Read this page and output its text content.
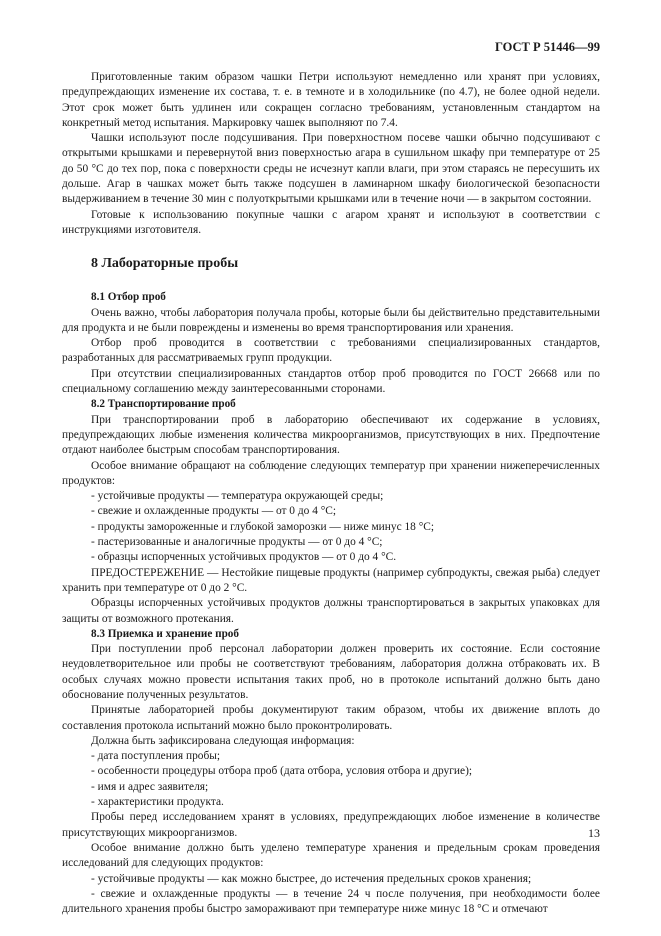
ГОСТ Р 51446—99

Приготовленные таким образом чашки Петри используют немедленно или хранят при условиях, предупреждающих изменение их состава, т. е. в темноте и в холодильнике (по 4.7), не более одной недели. Этот срок может быть удлинен или сокращен согласно требованиям, установленным стандартом на конкретный метод испытания. Маркировку чашек выполняют по 7.4.

Чашки используют после подсушивания. При поверхностном посеве чашки обычно подсушивают с открытыми крышками и перевернутой вниз поверхностью агара в сушильном шкафу при температуре от 25 до 50 °С до тех пор, пока с поверхности среды не исчезнут капли влаги, при этом стараясь не пересушить их дольше. Агар в чашках может быть также подсушен в ламинарном шкафу биологической безопасности выдерживанием в течение 30 мин с полуоткрытыми крышками или в течение ночи — в закрытом состоянии.

Готовые к использованию покупные чашки с агаром хранят и используют в соответствии с инструкциями изготовителя.

8 Лабораторные пробы
8.1 Отбор проб

Очень важно, чтобы лаборатория получала пробы, которые были бы действительно представительными для продукта и не были повреждены и изменены во время транспортирования или хранения.

Отбор проб проводится в соответствии с требованиями специализированных стандартов, разработанных для рассматриваемых групп продукции.

При отсутствии специализированных стандартов отбор проб проводится по ГОСТ 26668 или по специальному соглашению между заинтересованными сторонами.

8.2 Транспортирование проб

При транспортировании проб в лабораторию обеспечивают их содержание в условиях, предупреждающих любые изменения количества микроорганизмов, присутствующих в них. Предпочтение отдают наиболее быстрым способам транспортирования.

Особое внимание обращают на соблюдение следующих температур при хранении нижеперечисленных продуктов:

- устойчивые продукты — температура окружающей среды;

- свежие и охлажденные продукты — от 0 до 4 °С;

- продукты замороженные и глубокой заморозки — ниже минус 18 °С;

- пастеризованные и аналогичные продукты — от 0 до 4 °С;

- образцы испорченных устойчивых продуктов — от 0 до 4 °С.

ПРЕДОСТЕРЕЖЕНИЕ — Нестойкие пищевые продукты (например субпродукты, свежая рыба) следует хранить при температуре от 0 до 2 °С.

Образцы испорченных устойчивых продуктов должны транспортироваться в закрытых упаковках для защиты от возможного протекания.

8.3 Приемка и хранение проб

При поступлении проб персонал лаборатории должен проверить их состояние. Если состояние неудовлетворительное или пробы не соответствуют требованиям, лаборатория должна отбраковать их. В особых случаях можно провести испытания таких проб, но в протоколе испытаний должно быть дано обоснование полученных результатов.

Принятые лабораторией пробы документируют таким образом, чтобы их движение вплоть до составления протокола испытаний можно было проконтролировать.

Должна быть зафиксирована следующая информация:

- дата поступления пробы;

- особенности процедуры отбора проб (дата отбора, условия отбора и другие);

- имя и адрес заявителя;

- характеристики продукта.

Пробы перед исследованием хранят в условиях, предупреждающих любое изменение в количестве присутствующих микроорганизмов.

Особое внимание должно быть уделено температуре хранения и предельным срокам проведения исследований для следующих продуктов:

- устойчивые продукты — как можно быстрее, до истечения предельных сроков хранения;

- свежие и охлажденные продукты — в течение 24 ч после получения, при необходимости более длительного хранения пробы быстро замораживают при температуре ниже минус 18 °С и отмечают

13
